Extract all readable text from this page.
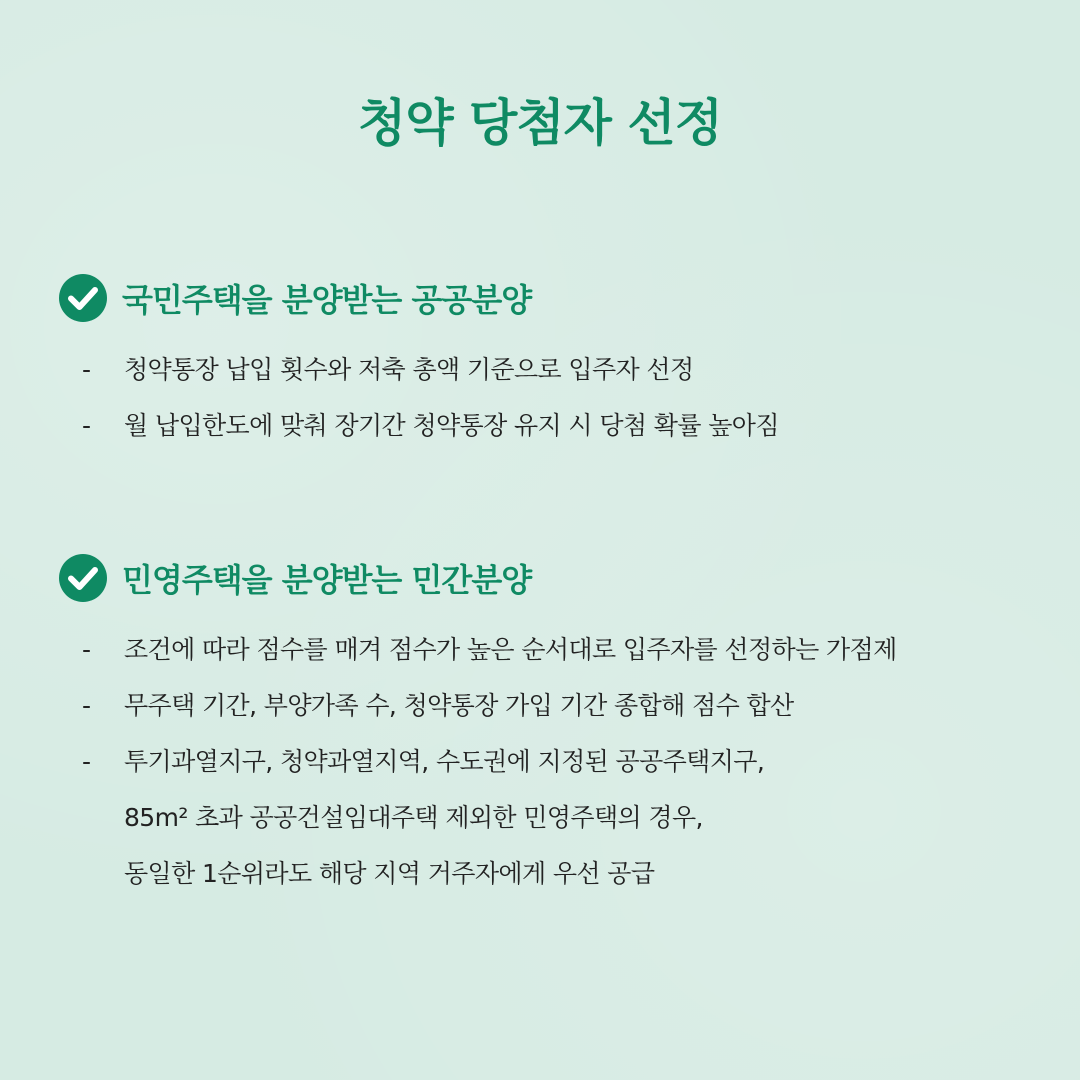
청약 당첨자 선정
국민주택을 분양받는 공공분양
-	청약통장 납입 횟수와 저축 총액 기준으로 입주자 선정
-	월 납입한도에 맞춰 장기간 청약통장 유지 시 당첨 확률 높아짐
민영주택을 분양받는 민간분양
-	조건에 따라 점수를 매겨 점수가 높은 순서대로 입주자를 선정하는 가점제
-	무주택 기간, 부양가족 수, 청약통장 가입 기간 종합해 점수 합산
-	투기과열지구, 청약과열지역, 수도권에 지정된 공공주택지구,
85m² 초과 공공건설임대주택 제외한 민영주택의 경우,
동일한 1순위라도 해당 지역 거주자에게 우선 공급
